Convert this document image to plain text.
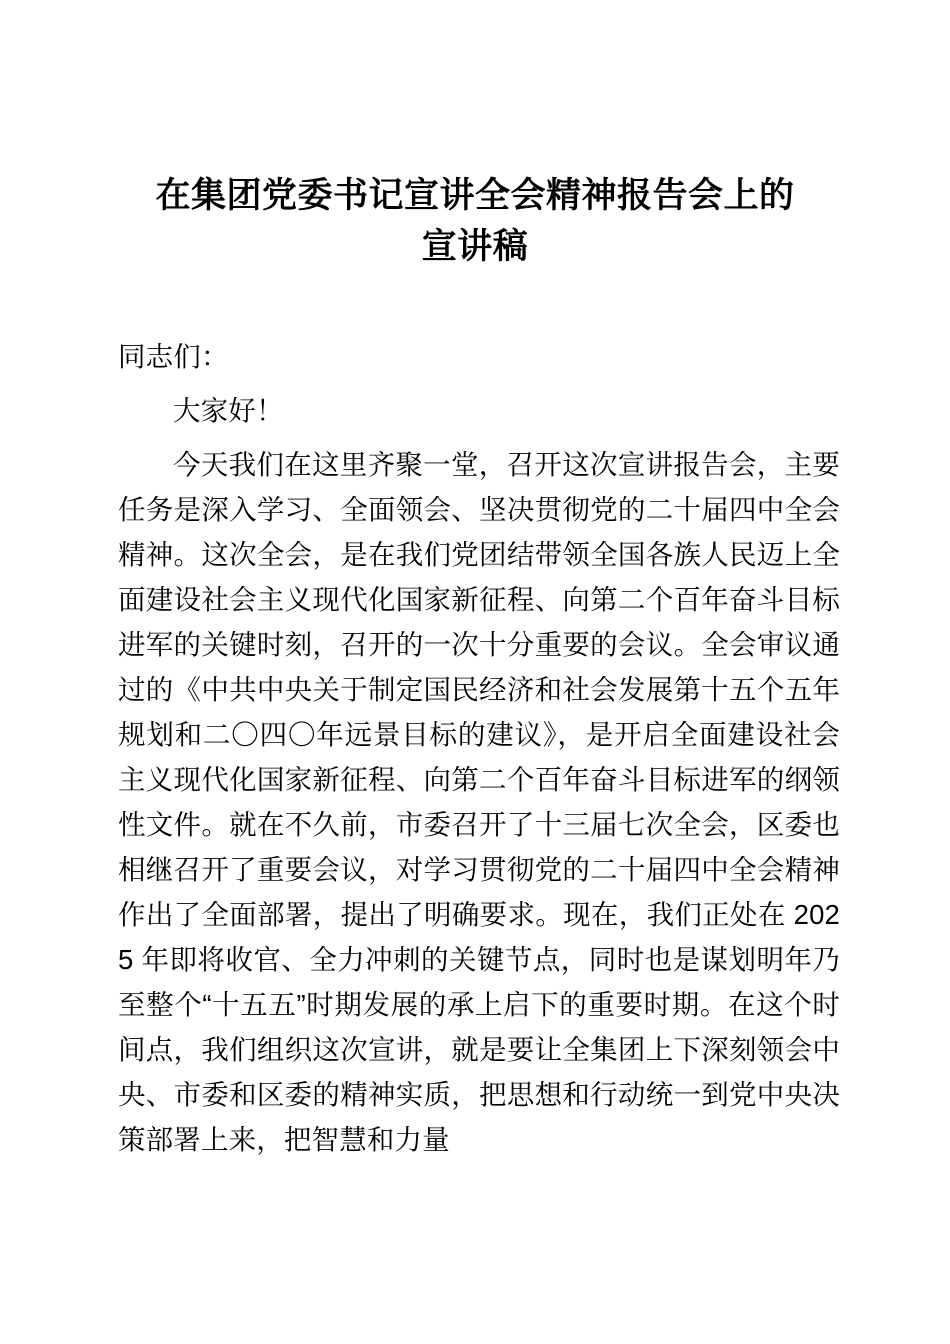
在集团党委书记宣讲全会精神报告会上的宣讲稿

同志们：

大家好！

今天我们在这里齐聚一堂，召开这次宣讲报告会，主要任务是深入学习、全面领会、坚决贯彻党的二十届四中全会精神。这次全会，是在我们党团结带领全国各族人民迈上全面建设社会主义现代化国家新征程、向第二个百年奋斗目标进军的关键时刻，召开的一次十分重要的会议。全会审议通过的《中共中央关于制定国民经济和社会发展第十五个五年规划和二〇四〇年远景目标的建议》，是开启全面建设社会主义现代化国家新征程、向第二个百年奋斗目标进军的纲领性文件。就在不久前，市委召开了十三届七次全会，区委也相继召开了重要会议，对学习贯彻党的二十届四中全会精神作出了全面部署，提出了明确要求。现在，我们正处在 2025 年即将收官、全力冲刺的关键节点，同时也是谋划明年乃至整个“十五五”时期发展的承上启下的重要时期。在这个时间点，我们组织这次宣讲，就是要让全集团上下深刻领会中央、市委和区委的精神实质，把思想和行动统一到党中央决策部署上来，把智慧和力量
